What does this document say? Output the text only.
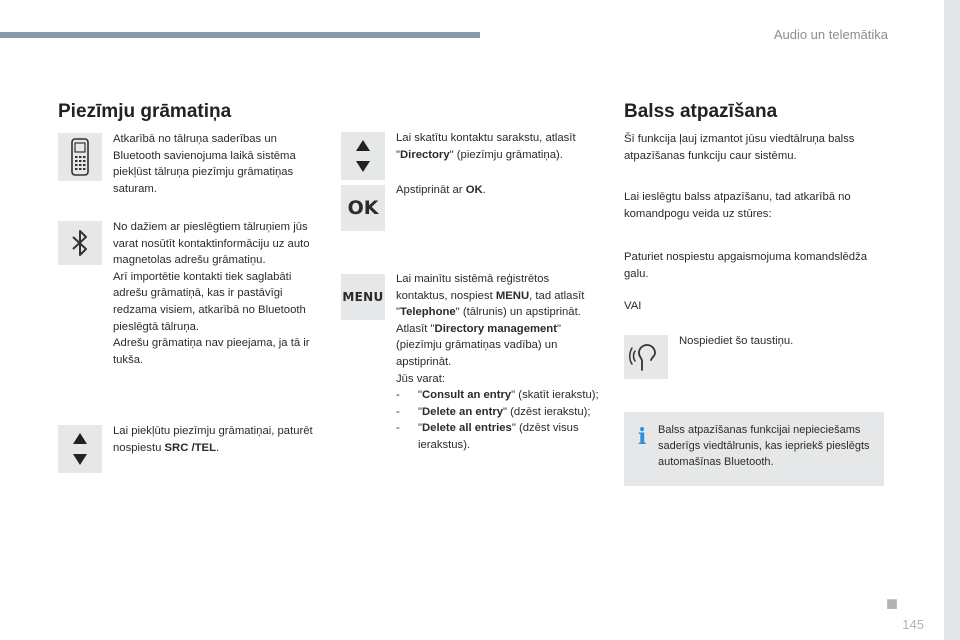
Audio un telemātika
■
145
Piezīmju grāmatiņa
Atkarībā no tālruņa saderības un Bluetooth savienojuma laikā sistēma piekļūst tālruņa piezīmju grāmatiņas saturam.
No dažiem ar pieslēgtiem tālruņiem jūs varat nosūtīt kontaktinformāciju uz auto magnetolas adrešu grāmatiņu.
Arī importētie kontakti tiek saglabāti adrešu grāmatiņā, kas ir pastāvīgi redzama visiem, atkarībā no Bluetooth pieslēgtā tālruņa.
Adrešu grāmatiņa nav pieejama, ja tā ir tukša.
Lai piekļūtu piezīmju grāmatiņai, paturēt nospiestu SRC /TEL.
Lai skatītu kontaktu sarakstu, atlasīt "Directory" (piezīmju grāmatiņa).
OK
Apstiprināt ar OK.
MENU
Lai mainītu sistēmā reģistrētos kontaktus, nospiest MENU, tad atlasīt "Telephone" (tālrunis) un apstiprināt.
Atlasīt "Directory management" (piezīmju grāmatiņas vadība) un apstiprināt.
Jūs varat:
- "Consult an entry" (skatīt ierakstu);
- "Delete an entry" (dzēst ierakstu);
- "Delete all entries" (dzēst visus ierakstus).
Balss atpazīšana
Šī funkcija ļauj izmantot jūsu viedtālruņa balss atpazīšanas funkciju caur sistēmu.
Lai ieslēgtu balss atpazīšanu, tad atkarībā no komandpogu veida uz stūres:
Paturiet nospiestu apgaismojuma komandslēdža galu.
VAI
Nospiediet šo taustiņu.
i Balss atpazīšanas funkcijai nepieciešams saderīgs viedtālrunis, kas iepriekš pieslēgts automašīnas Bluetooth.
